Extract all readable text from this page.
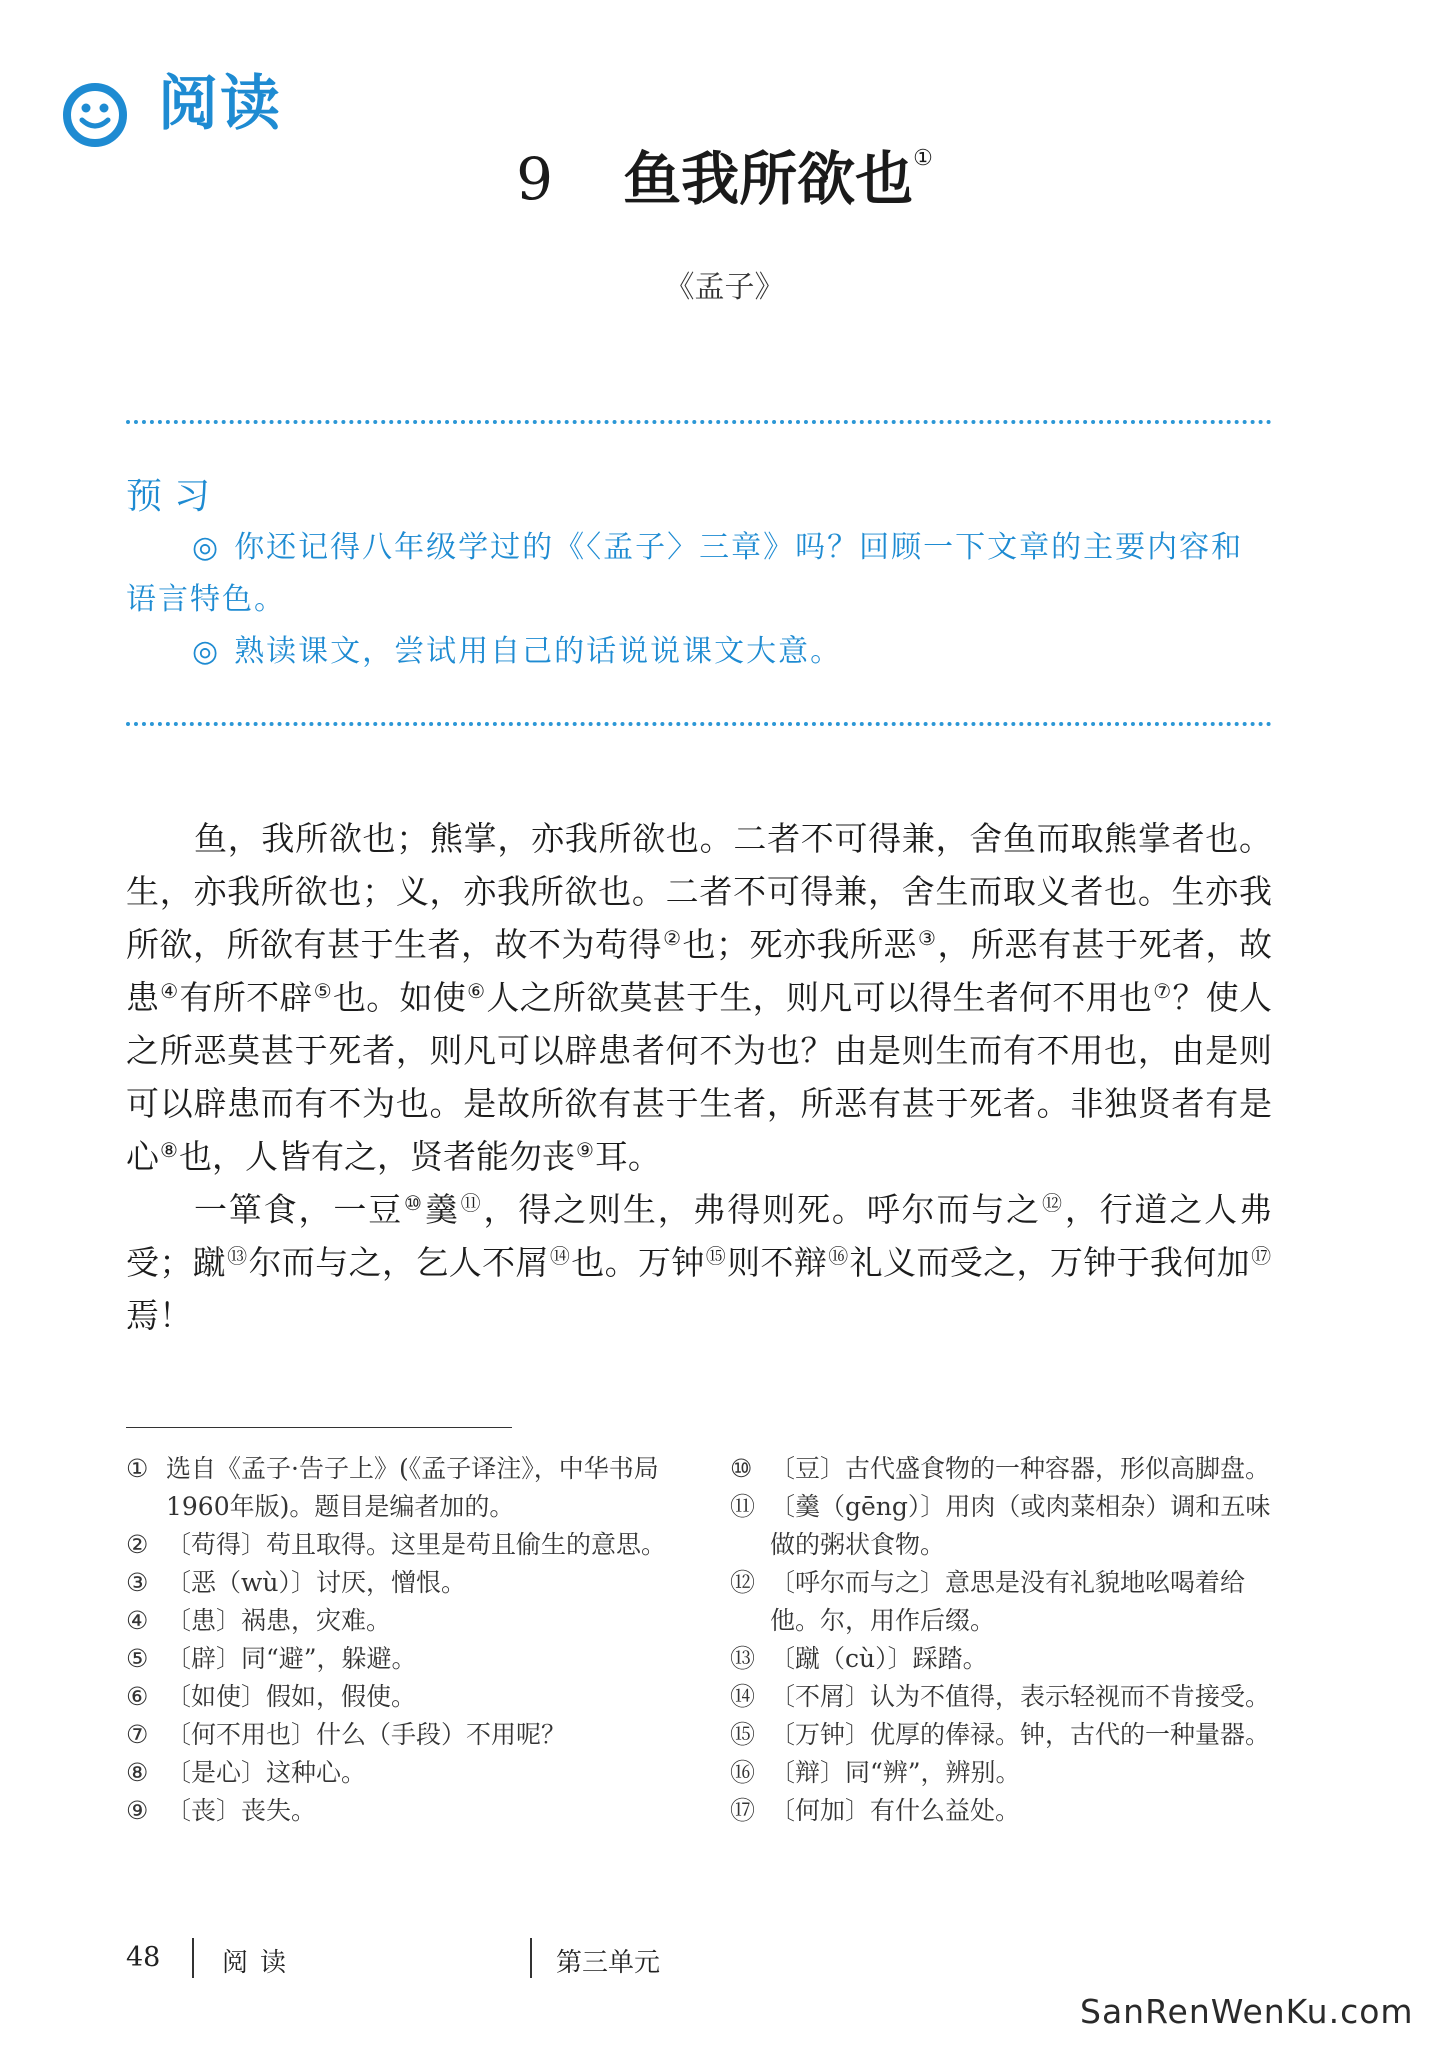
阅读
9 鱼我所欲也①
《孟子》
预习

◎ 你还记得八年级学过的《〈孟子〉三章》吗？回顾一下文章的主要内容和语言特色。

◎ 熟读课文，尝试用自己的话说说课文大意。

鱼，我所欲也；熊掌，亦我所欲也。二者不可得兼，舍鱼而取熊掌者也。生，亦我所欲也；义，亦我所欲也。二者不可得兼，舍生而取义者也。生亦我所欲，所欲有甚于生者，故不为苟得②也；死亦我所恶③，所恶有甚于死者，故患④有所不辟⑤也。如使⑥人之所欲莫甚于生，则凡可以得生者何不用也⑦？使人之所恶莫甚于死者，则凡可以辟患者何不为也？由是则生而有不用也，由是则可以辟患而有不为也。是故所欲有甚于生者，所恶有甚于死者。非独贤者有是心⑧也，人皆有之，贤者能勿丧⑨耳。

一箪食，一豆⑩羹⑪，得之则生，弗得则死。呼尔而与之⑫，行道之人弗受；蹴⑬尔而与之，乞人不屑⑭也。万钟⑮则不辩⑯礼义而受之，万钟于我何加⑰焉！

① 选自《孟子·告子上》(《孟子译注》，中华书局1960年版)。题目是编者加的。
② 〔苟得〕苟且取得。这里是苟且偷生的意思。
③ 〔恶（wù）〕讨厌，憎恨。
④ 〔患〕祸患，灾难。
⑤ 〔辟〕同“避”，躲避。
⑥ 〔如使〕假如，假使。
⑦ 〔何不用也〕什么（手段）不用呢？
⑧ 〔是心〕这种心。
⑨ 〔丧〕丧失。
⑩ 〔豆〕古代盛食物的一种容器，形似高脚盘。
⑪ 〔羹（gēng）〕用肉（或肉菜相杂）调和五味做的粥状食物。
⑫ 〔呼尔而与之〕意思是没有礼貌地吆喝着给他。尔，用作后缀。
⑬ 〔蹴（cù）〕踩踏。
⑭ 〔不屑〕认为不值得，表示轻视而不肯接受。
⑮ 〔万钟〕优厚的俸禄。钟，古代的一种量器。
⑯ 〔辩〕同“辨”，辨别。
⑰ 〔何加〕有什么益处。
48 阅读	第三单元
SanRenWenKu.com
